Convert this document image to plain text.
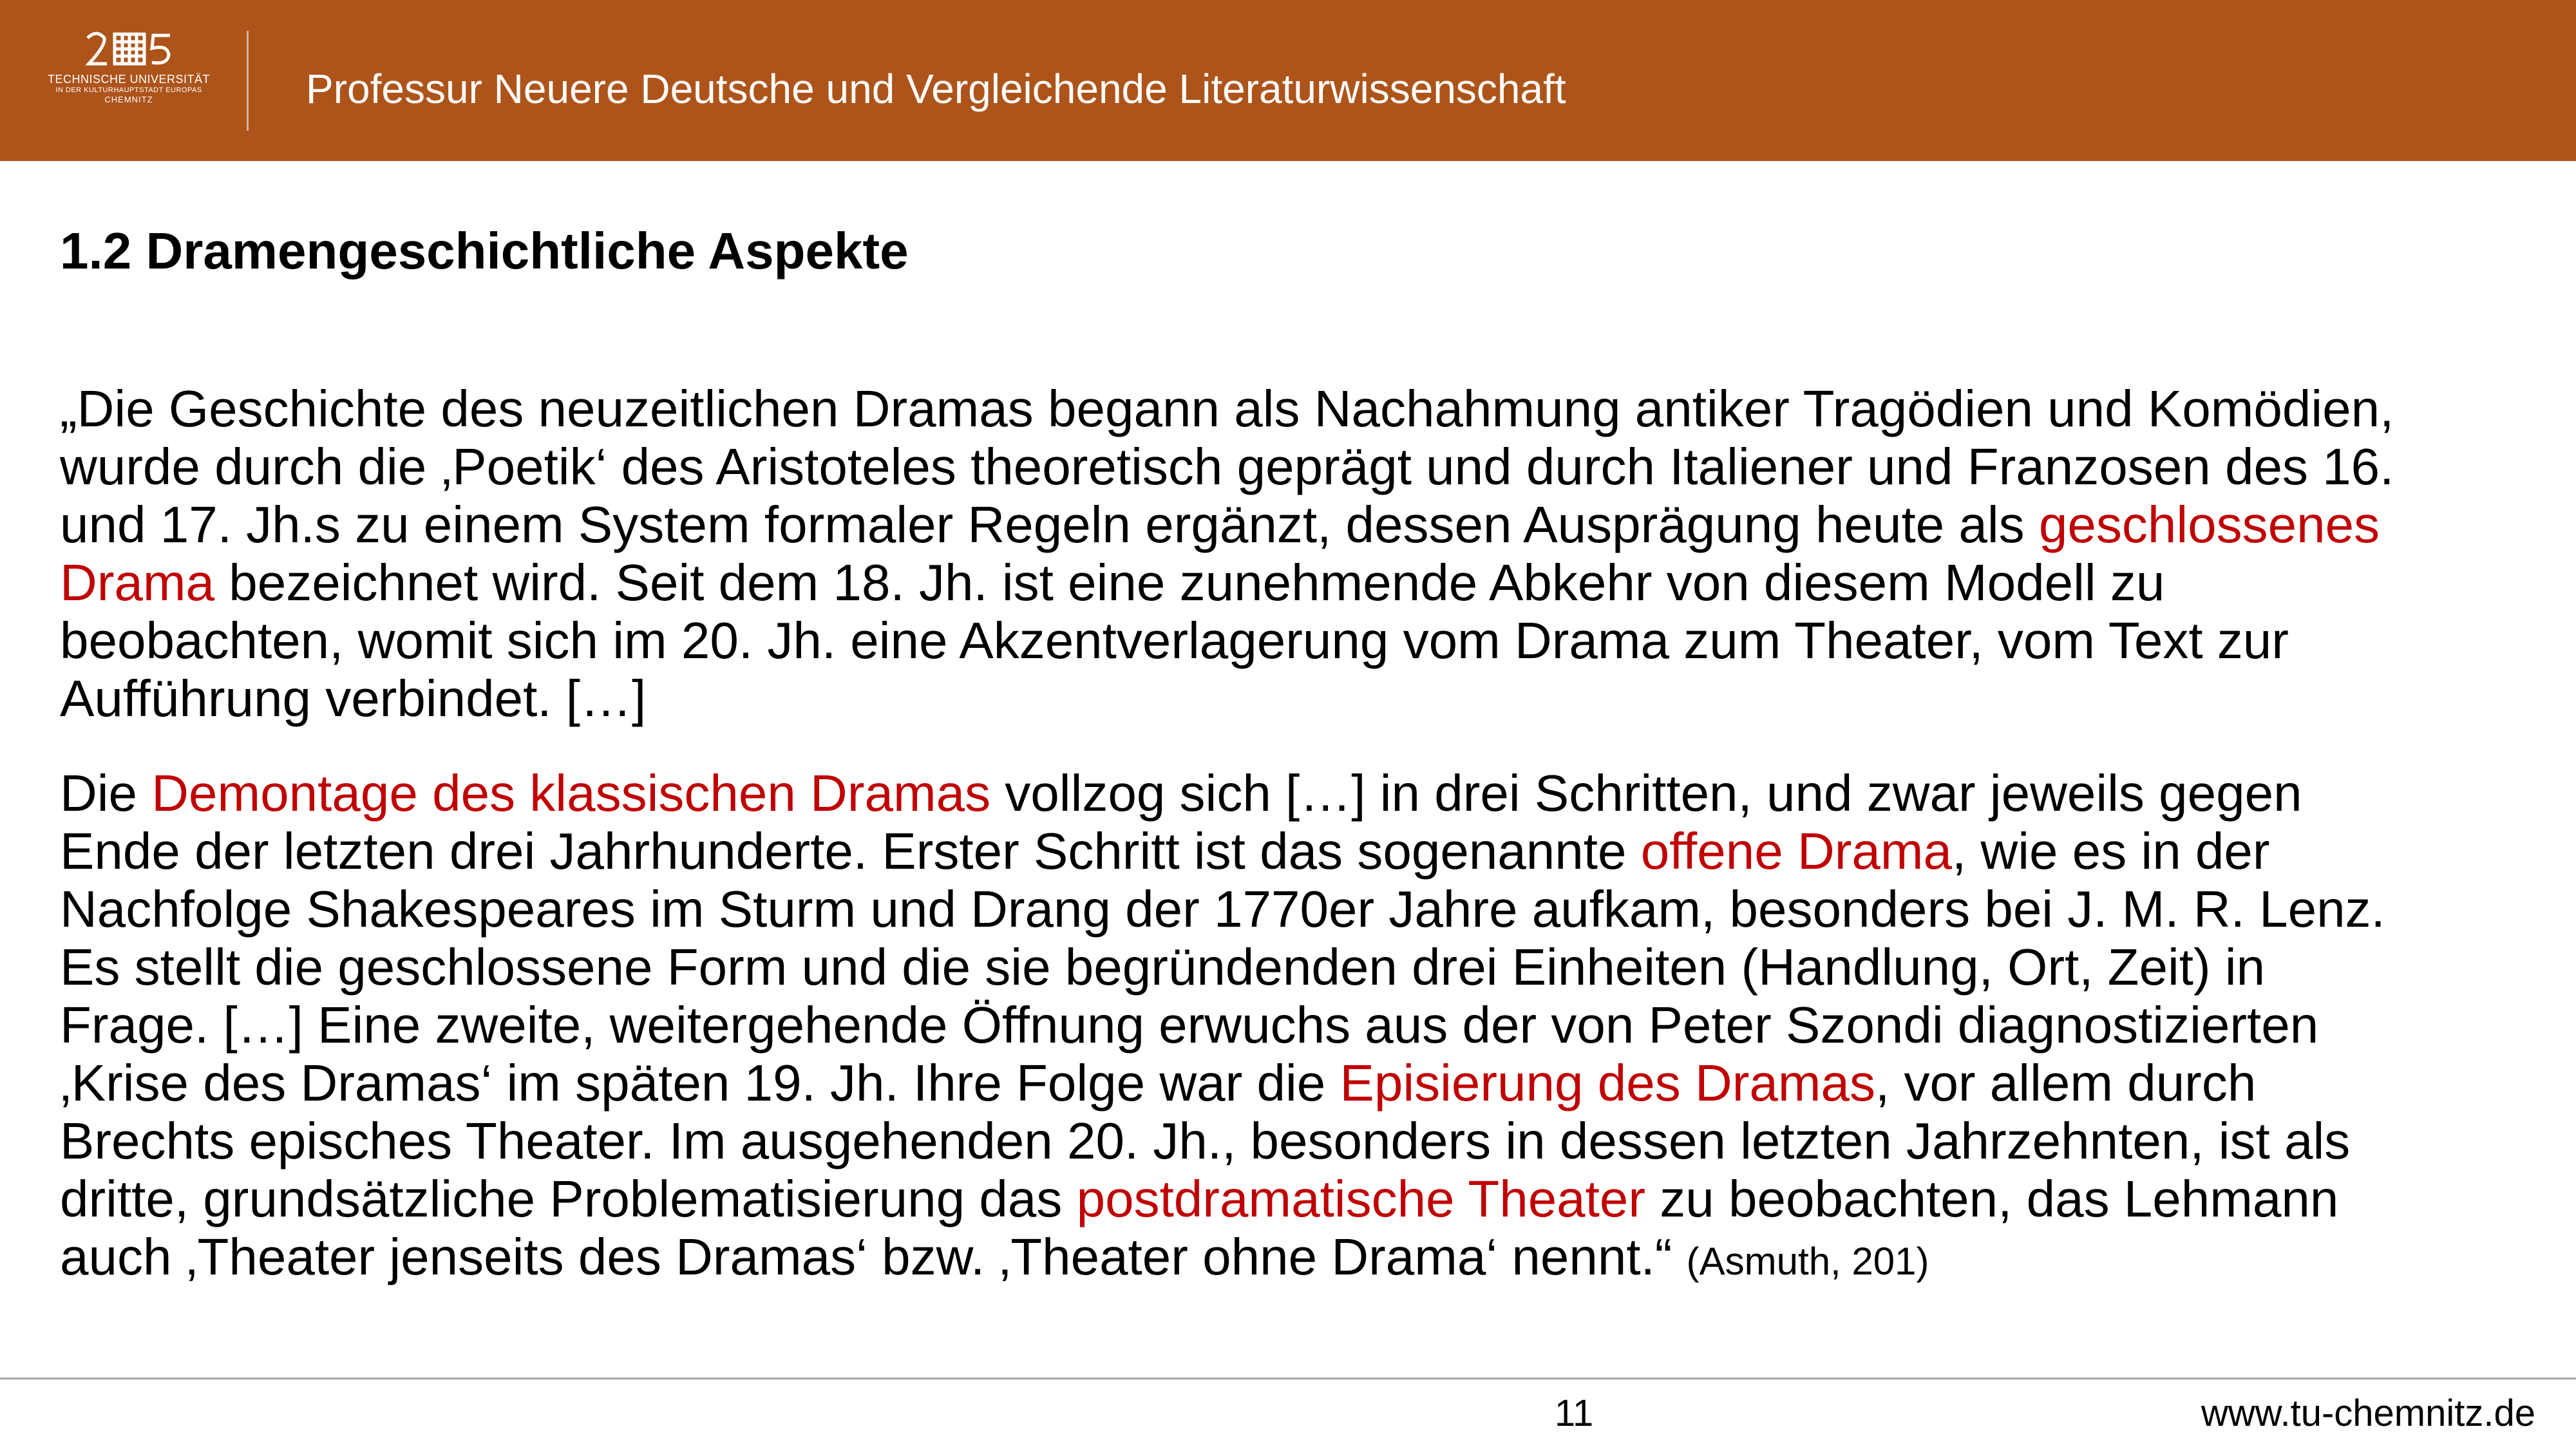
TECHNISCHE UNIVERSITÄT
IN DER KULTURHAUPTSTADT EUROPAS
CHEMNITZ	Professur Neuere Deutsche und Vergleichende Literaturwissenschaft
1.2 Dramengeschichtliche Aspekte
„Die Geschichte des neuzeitlichen Dramas begann als Nachahmung antiker Tragödien und Komödien,
wurde durch die ‚Poetik‘ des Aristoteles theoretisch geprägt und durch Italiener und Franzosen des 16.
und 17. Jh.s zu einem System formaler Regeln ergänzt, dessen Ausprägung heute als geschlossenes
Drama bezeichnet wird. Seit dem 18. Jh. ist eine zunehmende Abkehr von diesem Modell zu
beobachten, womit sich im 20. Jh. eine Akzentverlagerung vom Drama zum Theater, vom Text zur
Aufführung verbindet. […]
Die Demontage des klassischen Dramas vollzog sich […] in drei Schritten, und zwar jeweils gegen
Ende der letzten drei Jahrhunderte. Erster Schritt ist das sogenannte offene Drama, wie es in der
Nachfolge Shakespeares im Sturm und Drang der 1770er Jahre aufkam, besonders bei J. M. R. Lenz.
Es stellt die geschlossene Form und die sie begründenden drei Einheiten (Handlung, Ort, Zeit) in
Frage. […] Eine zweite, weitergehende Öffnung erwuchs aus der von Peter Szondi diagnostizierten
‚Krise des Dramas‘ im späten 19. Jh. Ihre Folge war die Episierung des Dramas, vor allem durch
Brechts episches Theater. Im ausgehenden 20. Jh., besonders in dessen letzten Jahrzehnten, ist als
dritte, grundsätzliche Problematisierung das postdramatische Theater zu beobachten, das Lehmann
auch ‚Theater jenseits des Dramas‘ bzw. ‚Theater ohne Drama‘ nennt.“ (Asmuth, 201)
11	www.tu-chemnitz.de
